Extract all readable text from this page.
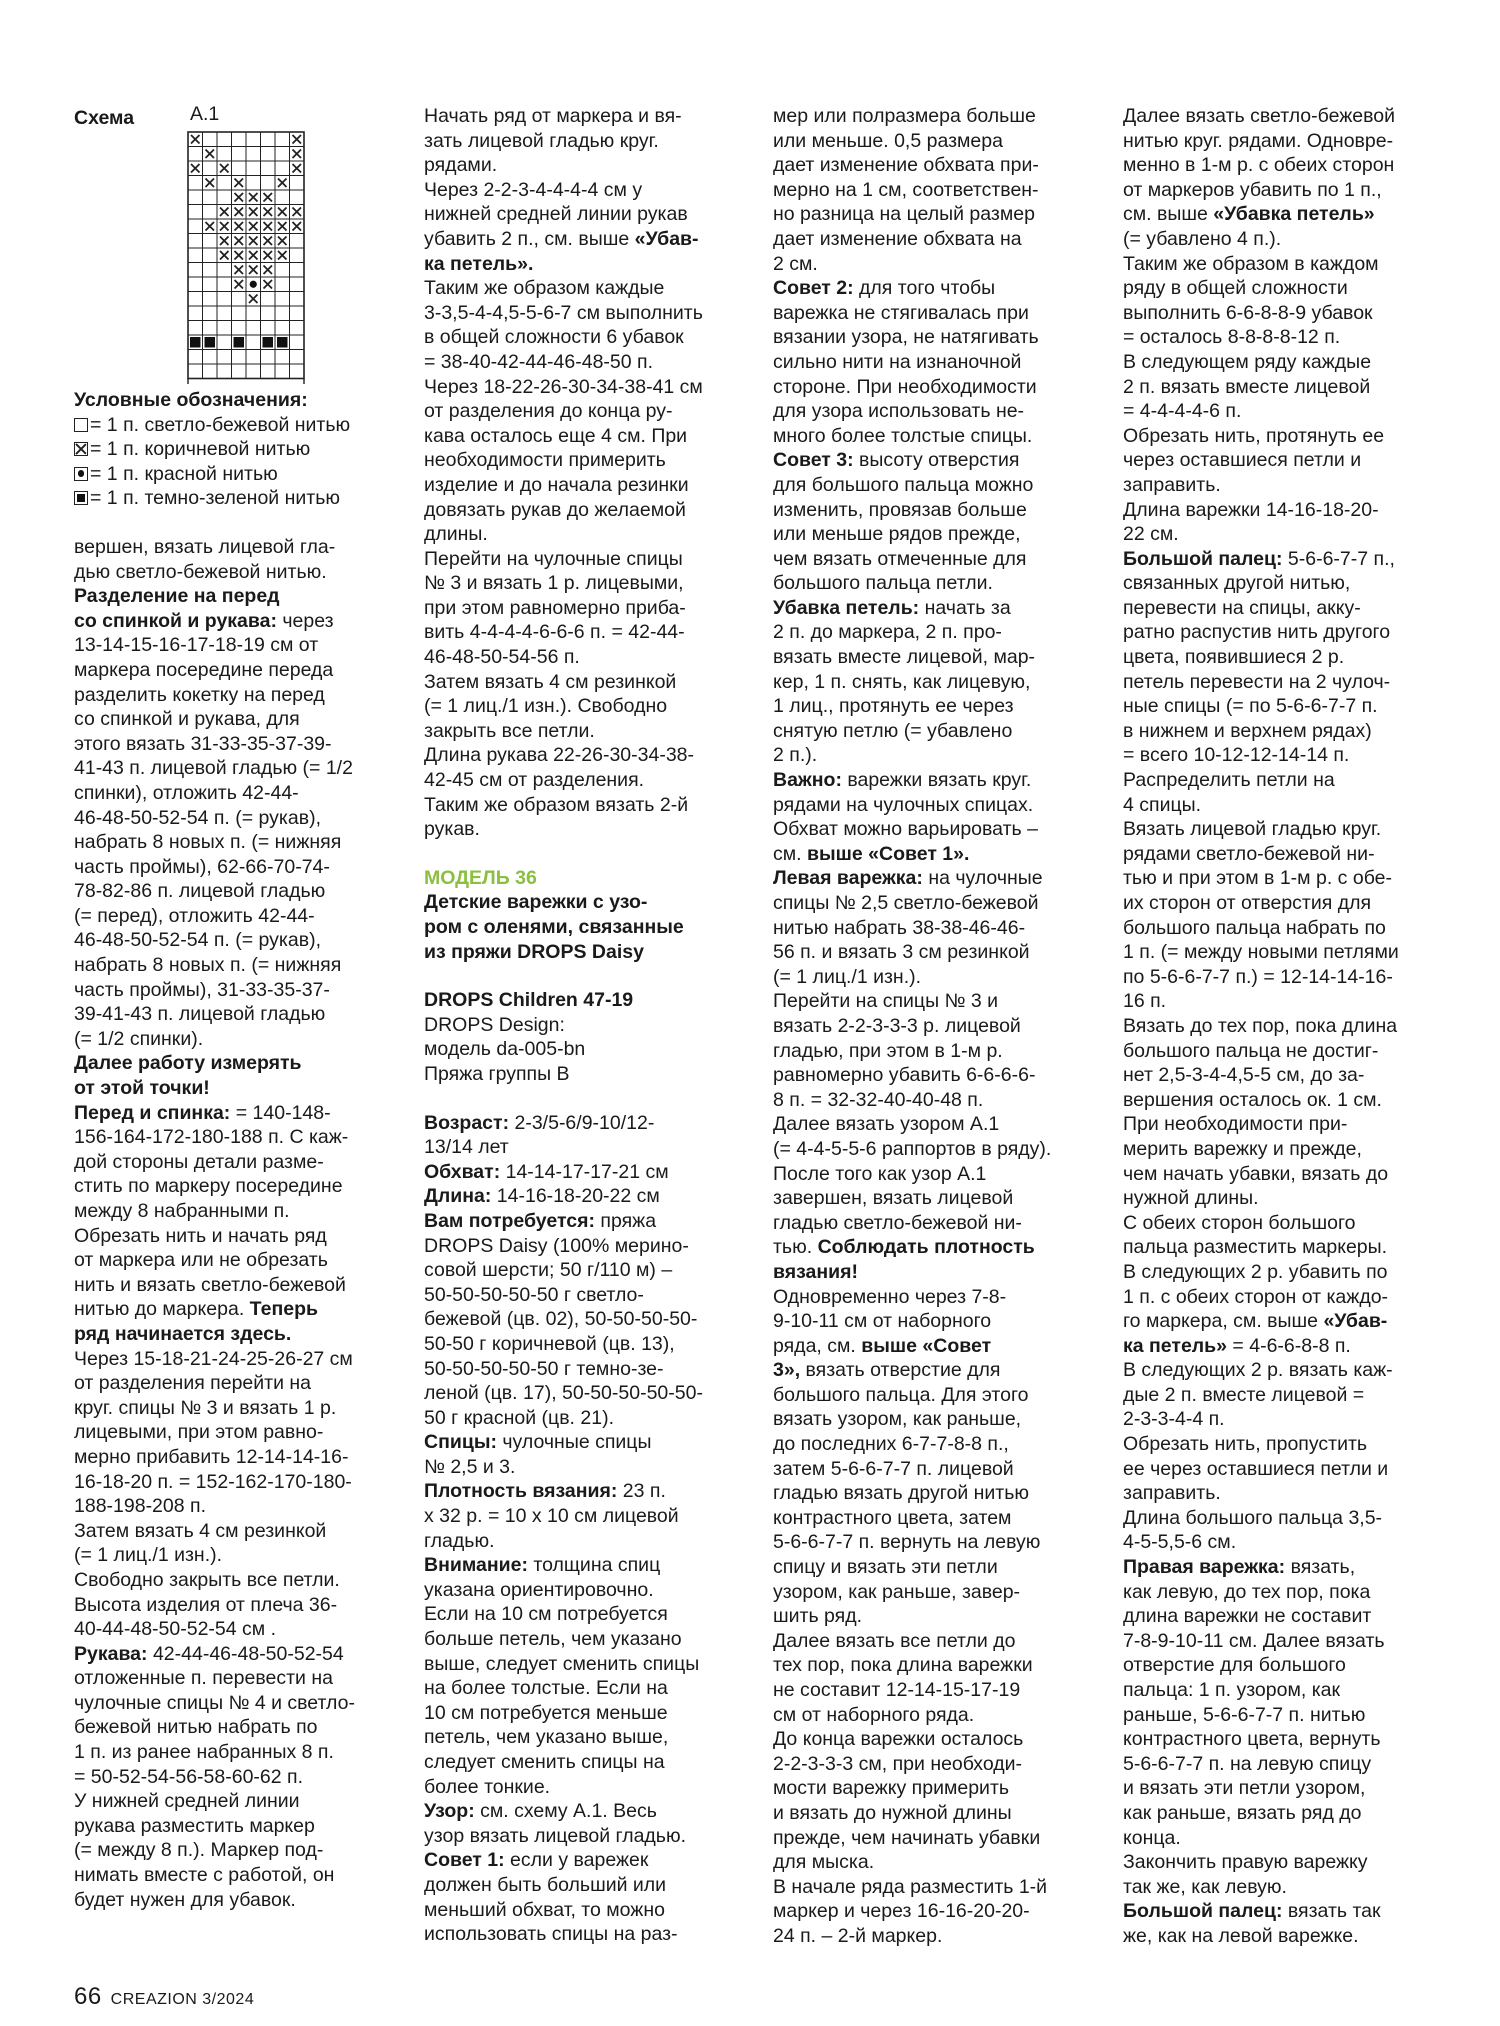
Схема	А.1
Условные обозначения:
= 1 п. светло-бежевой нитью
= 1 п. коричневой нитью
= 1 п. красной нитью
= 1 п. темно-зеленой нитью

вершен, вязать лицевой гла-
дью светло-бежевой нитью.
Разделение на перед
со спинкой и рукава: через
13-14-15-16-17-18-19 см от
маркера посередине переда
разделить кокетку на перед
со спинкой и рукава, для
этого вязать 31-33-35-37-39-
41-43 п. лицевой гладью (= 1/2
спинки), отложить 42-44-
46-48-50-52-54 п. (= рукав),
набрать 8 новых п. (= нижняя
часть проймы), 62-66-70-74-
78-82-86 п. лицевой гладью
(= перед), отложить 42-44-
46-48-50-52-54 п. (= рукав),
набрать 8 новых п. (= нижняя
часть проймы), 31-33-35-37-
39-41-43 п. лицевой гладью
(= 1/2 спинки).
Далее работу измерять
от этой точки!
Перед и спинка: = 140-148-
156-164-172-180-188 п. С каж-
дой стороны детали разме-
стить по маркеру посередине
между 8 набранными п.
Обрезать нить и начать ряд
от маркера или не обрезать
нить и вязать светло-бежевой
нитью до маркера. Теперь
ряд начинается здесь.
Через 15-18-21-24-25-26-27 см
от разделения перейти на
круг. спицы № 3 и вязать 1 р.
лицевыми, при этом равно-
мерно прибавить 12-14-14-16-
16-18-20 п. = 152-162-170-180-
188-198-208 п.
Затем вязать 4 см резинкой
(= 1 лиц./1 изн.).
Свободно закрыть все петли.
Высота изделия от плеча 36-
40-44-48-50-52-54 см .
Рукава: 42-44-46-48-50-52-54
отложенные п. перевести на
чулочные спицы № 4 и светло-
бежевой нитью набрать по
1 п. из ранее набранных 8 п.
= 50-52-54-56-58-60-62 п.
У нижней средней линии
рукава разместить маркер
(= между 8 п.). Маркер под-
нимать вместе с работой, он
будет нужен для убавок.

Начать ряд от маркера и вя-
зать лицевой гладью круг.
рядами.
Через 2-2-3-4-4-4-4 см у
нижней средней линии рукав
убавить 2 п., см. выше «Убав-
ка петель».
Таким же образом каждые
3-3,5-4-4,5-5-6-7 см выполнить
в общей сложности 6 убавок
= 38-40-42-44-46-48-50 п.
Через 18-22-26-30-34-38-41 см
от разделения до конца ру-
кава осталось еще 4 см. При
необходимости примерить
изделие и до начала резинки
довязать рукав до желаемой
длины.
Перейти на чулочные спицы
№ 3 и вязать 1 р. лицевыми,
при этом равномерно приба-
вить 4-4-4-4-6-6-6 п. = 42-44-
46-48-50-54-56 п.
Затем вязать 4 см резинкой
(= 1 лиц./1 изн.). Свободно
закрыть все петли.
Длина рукава 22-26-30-34-38-
42-45 см от разделения.
Таким же образом вязать 2-й
рукав.

МОДЕЛЬ 36
Детские варежки с узо-
ром с оленями, связанные
из пряжи DROPS Daisy

DROPS Children 47-19
DROPS Design:
модель da-005-bn
Пряжа группы B

Возраст: 2-3/5-6/9-10/12-
13/14 лет
Обхват: 14-14-17-17-21 см
Длина: 14-16-18-20-22 см
Вам потребуется: пряжа
DROPS Daisy (100% мерино-
совой шерсти; 50 г/110 м) –
50-50-50-50-50 г светло-
бежевой (цв. 02), 50-50-50-50-
50-50 г коричневой (цв. 13),
50-50-50-50-50 г темно-зе-
леной (цв. 17), 50-50-50-50-50-
50 г красной (цв. 21).
Спицы: чулочные спицы
№ 2,5 и 3.
Плотность вязания: 23 п.
х 32 р. = 10 х 10 см лицевой
гладью.
Внимание: толщина спиц
указана ориентировочно.
Если на 10 см потребуется
больше петель, чем указано
выше, следует сменить спицы
на более толстые. Если на
10 см потребуется меньше
петель, чем указано выше,
следует сменить спицы на
более тонкие.
Узор: см. схему А.1. Весь
узор вязать лицевой гладью.
Совет 1: если у варежек
должен быть больший или
меньший обхват, то можно
использовать спицы на раз-

мер или полразмера больше
или меньше. 0,5 размера
дает изменение обхвата при-
мерно на 1 см, соответствен-
но разница на целый размер
дает изменение обхвата на
2 см.
Совет 2: для того чтобы
варежка не стягивалась при
вязании узора, не натягивать
сильно нити на изнаночной
стороне. При необходимости
для узора использовать не-
много более толстые спицы.
Совет 3: высоту отверстия
для большого пальца можно
изменить, провязав больше
или меньше рядов прежде,
чем вязать отмеченные для
большого пальца петли.
Убавка петель: начать за
2 п. до маркера, 2 п. про-
вязать вместе лицевой, мар-
кер, 1 п. снять, как лицевую,
1 лиц., протянуть ее через
снятую петлю (= убавлено
2 п.).
Важно: варежки вязать круг.
рядами на чулочных спицах.
Обхват можно варьировать –
см. выше «Совет 1».
Левая варежка: на чулочные
спицы № 2,5 светло-бежевой
нитью набрать 38-38-46-46-
56 п. и вязать 3 см резинкой
(= 1 лиц./1 изн.).
Перейти на спицы № 3 и
вязать 2-2-3-3-3 р. лицевой
гладью, при этом в 1-м р.
равномерно убавить 6-6-6-6-
8 п. = 32-32-40-40-48 п.
Далее вязать узором А.1
(= 4-4-5-5-6 раппортов в ряду).
После того как узор А.1
завершен, вязать лицевой
гладью светло-бежевой ни-
тью. Соблюдать плотность
вязания!
Одновременно через 7-8-
9-10-11 см от наборного
ряда, см. выше «Совет
3», вязать отверстие для
большого пальца. Для этого
вязать узором, как раньше,
до последних 6-7-7-8-8 п.,
затем 5-6-6-7-7 п. лицевой
гладью вязать другой нитью
контрастного цвета, затем
5-6-6-7-7 п. вернуть на левую
спицу и вязать эти петли
узором, как раньше, завер-
шить ряд.
Далее вязать все петли до
тех пор, пока длина варежки
не составит 12-14-15-17-19
см от наборного ряда.
До конца варежки осталось
2-2-3-3-3 см, при необходи-
мости варежку примерить
и вязать до нужной длины
прежде, чем начинать убавки
для мыска.
В начале ряда разместить 1-й
маркер и через 16-16-20-20-
24 п. – 2-й маркер.

Далее вязать светло-бежевой
нитью круг. рядами. Одновре-
менно в 1-м р. с обеих сторон
от маркеров убавить по 1 п.,
см. выше «Убавка петель»
(= убавлено 4 п.).
Таким же образом в каждом
ряду в общей сложности
выполнить 6-6-8-8-9 убавок
= осталось 8-8-8-8-12 п.
В следующем ряду каждые
2 п. вязать вместе лицевой
= 4-4-4-4-6 п.
Обрезать нить, протянуть ее
через оставшиеся петли и
заправить.
Длина варежки 14-16-18-20-
22 см.
Большой палец: 5-6-6-7-7 п.,
связанных другой нитью,
перевести на спицы, акку-
ратно распустив нить другого
цвета, появившиеся 2 р.
петель перевести на 2 чулоч-
ные спицы (= по 5-6-6-7-7 п.
в нижнем и верхнем рядах)
= всего 10-12-12-14-14 п.
Распределить петли на
4 спицы.
Вязать лицевой гладью круг.
рядами светло-бежевой ни-
тью и при этом в 1-м р. с обе-
их сторон от отверстия для
большого пальца набрать по
1 п. (= между новыми петлями
по 5-6-6-7-7 п.) = 12-14-14-16-
16 п.
Вязать до тех пор, пока длина
большого пальца не достиг-
нет 2,5-3-4-4,5-5 см, до за-
вершения осталось ок. 1 см.
При необходимости при-
мерить варежку и прежде,
чем начать убавки, вязать до
нужной длины.
С обеих сторон большого
пальца разместить маркеры.
В следующих 2 р. убавить по
1 п. с обеих сторон от каждо-
го маркера, см. выше «Убав-
ка петель» = 4-6-6-8-8 п.
В следующих 2 р. вязать каж-
дые 2 п. вместе лицевой =
2-3-3-4-4 п.
Обрезать нить, пропустить
ее через оставшиеся петли и
заправить.
Длина большого пальца 3,5-
4-5-5,5-6 см.
Правая варежка: вязать,
как левую, до тех пор, пока
длина варежки не составит
7-8-9-10-11 см. Далее вязать
отверстие для большого
пальца: 1 п. узором, как
раньше, 5-6-6-7-7 п. нитью
контрастного цвета, вернуть
5-6-6-7-7 п. на левую спицу
и вязать эти петли узором,
как раньше, вязать ряд до
конца.
Закончить правую варежку
так же, как левую.
Большой палец: вязать так
же, как на левой варежке.

66 CREAZION 3/2024
